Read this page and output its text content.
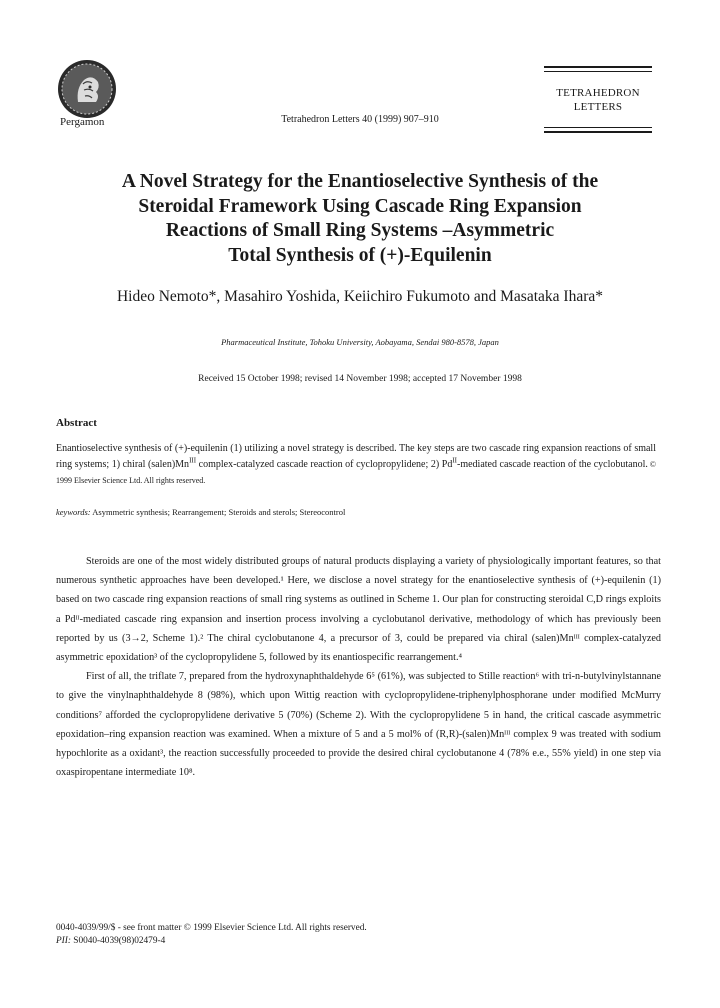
Pergamon	Tetrahedron Letters 40 (1999) 907–910
TETRAHEDRON
LETTERS
A Novel Strategy for the Enantioselective Synthesis of the
Steroidal Framework Using Cascade Ring Expansion
Reactions of Small Ring Systems –Asymmetric
Total Synthesis of (+)-Equilenin
Hideo Nemoto*, Masahiro Yoshida, Keiichiro Fukumoto and Masataka Ihara*
Pharmaceutical Institute, Tohoku University, Aobayama, Sendai 980-8578, Japan
Received 15 October 1998; revised 14 November 1998; accepted 17 November 1998
Abstract
Enantioselective synthesis of (+)-equilenin (1) utilizing a novel strategy is described. The key steps are two cascade ring expansion reactions of small ring systems; 1) chiral $(salen)Mn^{III}$ complex-catalyzed cascade reaction of cyclopropylidene; 2) $Pd^{II}$-mediated cascade reaction of the cyclobutanol. © 1999 Elsevier Science Ltd. All rights reserved.
keywords: Asymmetric synthesis; Rearrangement; Steroids and sterols; Stereocontrol

Steroids are one of the most widely distributed groups of natural products displaying a variety of physiologically important features, so that numerous synthetic approaches have been developed.¹ Here, we disclose a novel strategy for the enantioselective synthesis of (+)-equilenin (1) based on two cascade ring expansion reactions of small ring systems as outlined in Scheme 1. Our plan for constructing steroidal C,D rings exploits a Pdᴵᴵ-mediated cascade ring expansion and insertion process involving a cyclobutanol derivative, methodology of which has previously been reported by us (3→2, Scheme 1).² The chiral cyclobutanone 4, a precursor of 3, could be prepared via chiral (salen)Mnᴵᴵᴵ complex-catalyzed asymmetric epoxidation³ of the cyclopropylidene 5, followed by its enantiospecific rearrangement.⁴

First of all, the triflate 7, prepared from the hydroxynaphthaldehyde 6⁵ (61%), was subjected to Stille reaction⁶ with tri-n-butylvinylstannane to give the vinylnaphthaldehyde 8 (98%), which upon Wittig reaction with cyclopropylidene-triphenylphosphorane under modified McMurry conditions⁷ afforded the cyclopropylidene derivative 5 (70%) (Scheme 2). With the cyclopropylidene 5 in hand, the critical cascade asymmetric epoxidation–ring expansion reaction was examined. When a mixture of 5 and a 5 mol% of (R,R)-(salen)Mnᴵᴵᴵ complex 9 was treated with sodium hypochlorite as a oxidant³, the reaction successfully proceeded to provide the desired chiral cyclobutanone 4 (78% e.e., 55% yield) in one step via oxaspiropentane intermediate 10⁸.

0040-4039/99/$ - see front matter © 1999 Elsevier Science Ltd. All rights reserved.
PII: S0040-4039(98)02479-4
